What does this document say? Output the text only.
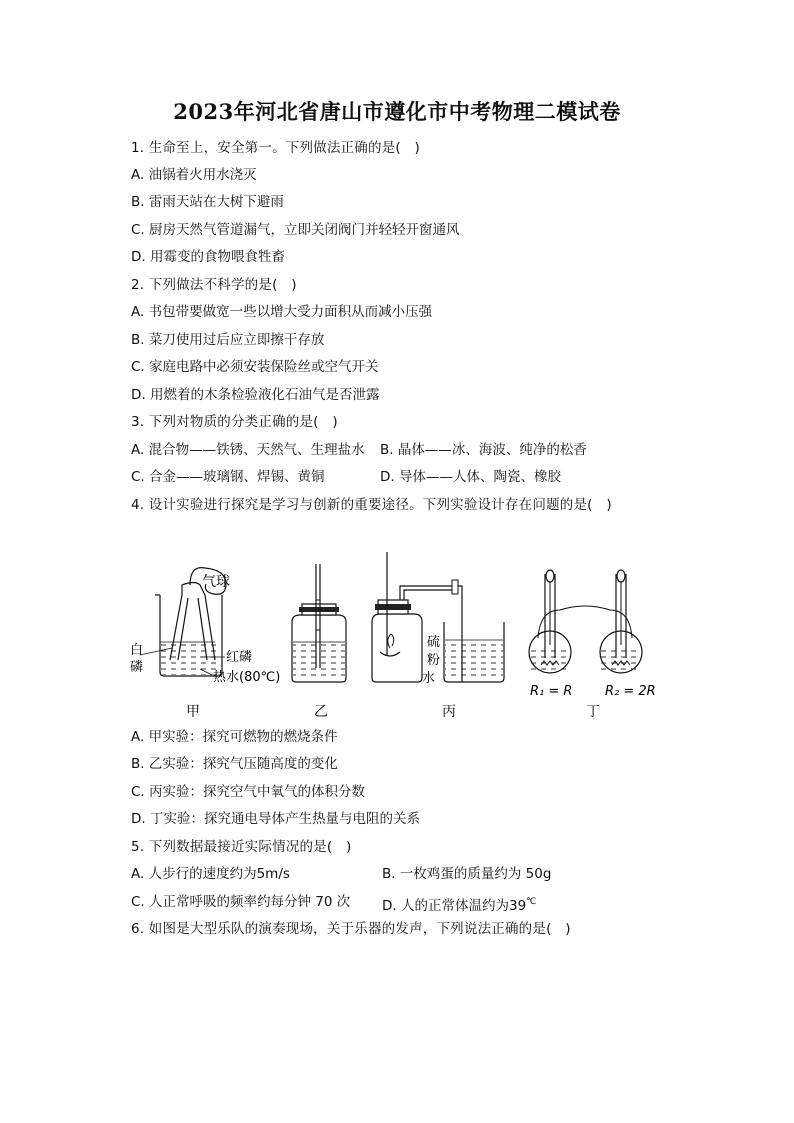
2023年河北省唐山市遵化市中考物理二模试卷
1. 生命至上，安全第一。下列做法正确的是(　)
A. 油锅着火用水浇灭
B. 雷雨天站在大树下避雨
C. 厨房天然气管道漏气，立即关闭阀门并轻轻开窗通风
D. 用霉变的食物喂食牲畜
2. 下列做法不科学的是(　)
A. 书包带要做宽一些以增大受力面积从而减小压强
B. 菜刀使用过后应立即擦干存放
C. 家庭电路中必须安装保险丝或空气开关
D. 用燃着的木条检验液化石油气是否泄露
3. 下列对物质的分类正确的是(　)
A. 混合物——铁锈、天然气、生理盐水 B. 晶体——冰、海波、纯净的松香
C. 合金——玻璃钢、焊锡、黄铜	D. 导体——人体、陶瓷、橡胶
4. 设计实验进行探究是学习与创新的重要途径。下列实验设计存在问题的是(　)
气球
白
磷
红磷
热水(80℃)
硫
粉
水
R₁ = R	R₂ = 2R
甲	乙	丙	丁
A. 甲实验：探究可燃物的燃烧条件
B. 乙实验：探究气压随高度的变化
C. 丙实验：探究空气中氧气的体积分数
D. 丁实验：探究通电导体产生热量与电阻的关系
5. 下列数据最接近实际情况的是(　)
A. 人步行的速度约为5m/s	B. 一枚鸡蛋的质量约为 50g
C. 人正常呼吸的频率约每分钟 70 次 D. 人的正常体温约为39℃
6. 如图是大型乐队的演奏现场，关于乐器的发声，下列说法正确的是(　)
